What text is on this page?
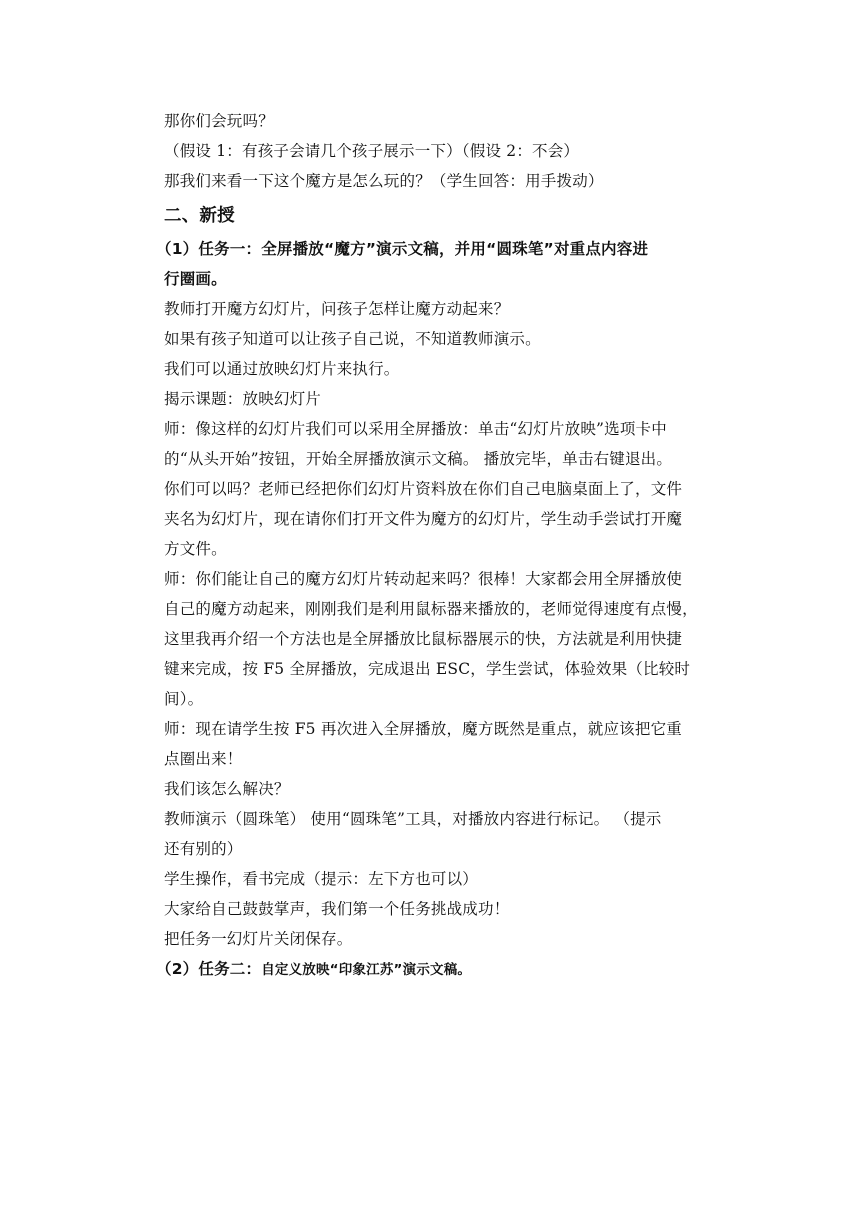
那你们会玩吗？

（假设 1：有孩子会请几个孩子展示一下）（假设 2：不会）

那我们来看一下这个魔方是怎么玩的？（学生回答：用手拨动）

二、新授

（1）任务一：全屏播放“魔方”演示文稿，并用“圆珠笔”对重点内容进

行圈画。

教师打开魔方幻灯片，问孩子怎样让魔方动起来？

如果有孩子知道可以让孩子自己说，不知道教师演示。

我们可以通过放映幻灯片来执行。

揭示课题：放映幻灯片

师：像这样的幻灯片我们可以采用全屏播放：单击“幻灯片放映”选项卡中

的“从头开始”按钮，开始全屏播放演示文稿。 播放完毕，单击右键退出。

你们可以吗？老师已经把你们幻灯片资料放在你们自己电脑桌面上了，文件

夹名为幻灯片，现在请你们打开文件为魔方的幻灯片，学生动手尝试打开魔

方文件。

师：你们能让自己的魔方幻灯片转动起来吗？很棒！大家都会用全屏播放使

自己的魔方动起来，刚刚我们是利用鼠标器来播放的，老师觉得速度有点慢，

这里我再介绍一个方法也是全屏播放比鼠标器展示的快，方法就是利用快捷

键来完成，按 F5 全屏播放，完成退出 ESC，学生尝试，体验效果（比较时

间）。

师：现在请学生按 F5 再次进入全屏播放，魔方既然是重点，就应该把它重

点圈出来！

我们该怎么解决？

教师演示（圆珠笔） 使用“圆珠笔”工具，对播放内容进行标记。 （提示

还有别的）

学生操作，看书完成（提示：左下方也可以）

大家给自己鼓鼓掌声，我们第一个任务挑战成功！

把任务一幻灯片关闭保存。

（2）任务二：自定义放映“印象江苏”演示文稿。
